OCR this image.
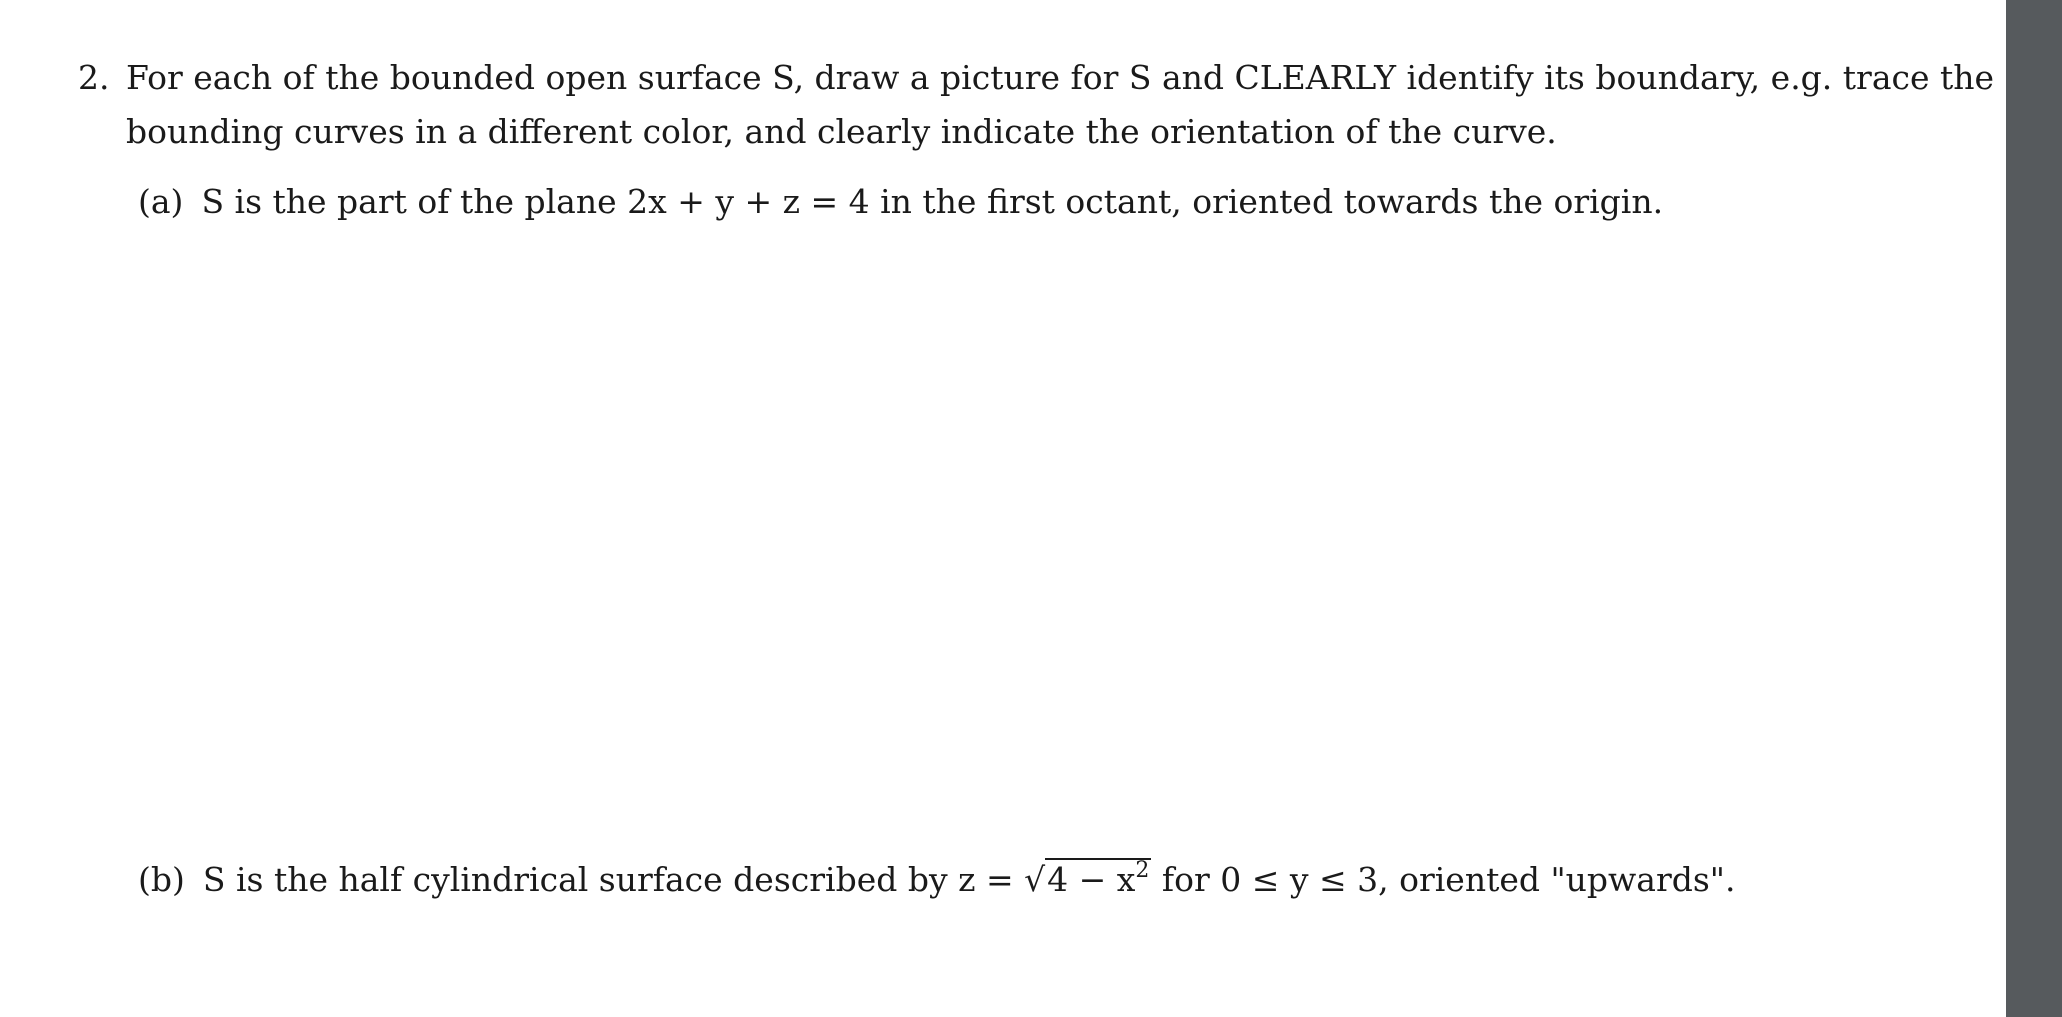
2. For each of the bounded open surface S, draw a picture for S and CLEARLY identify its boundary, e.g. trace the
bounding curves in a different color, and clearly indicate the orientation of the curve.
(a) S is the part of the plane 2x + y + z = 4 in the first octant, oriented towards the origin.
(b) S is the half cylindrical surface described by $z = √4 - x^2$ for 0 ≤ y ≤ 3, oriented "upwards".
